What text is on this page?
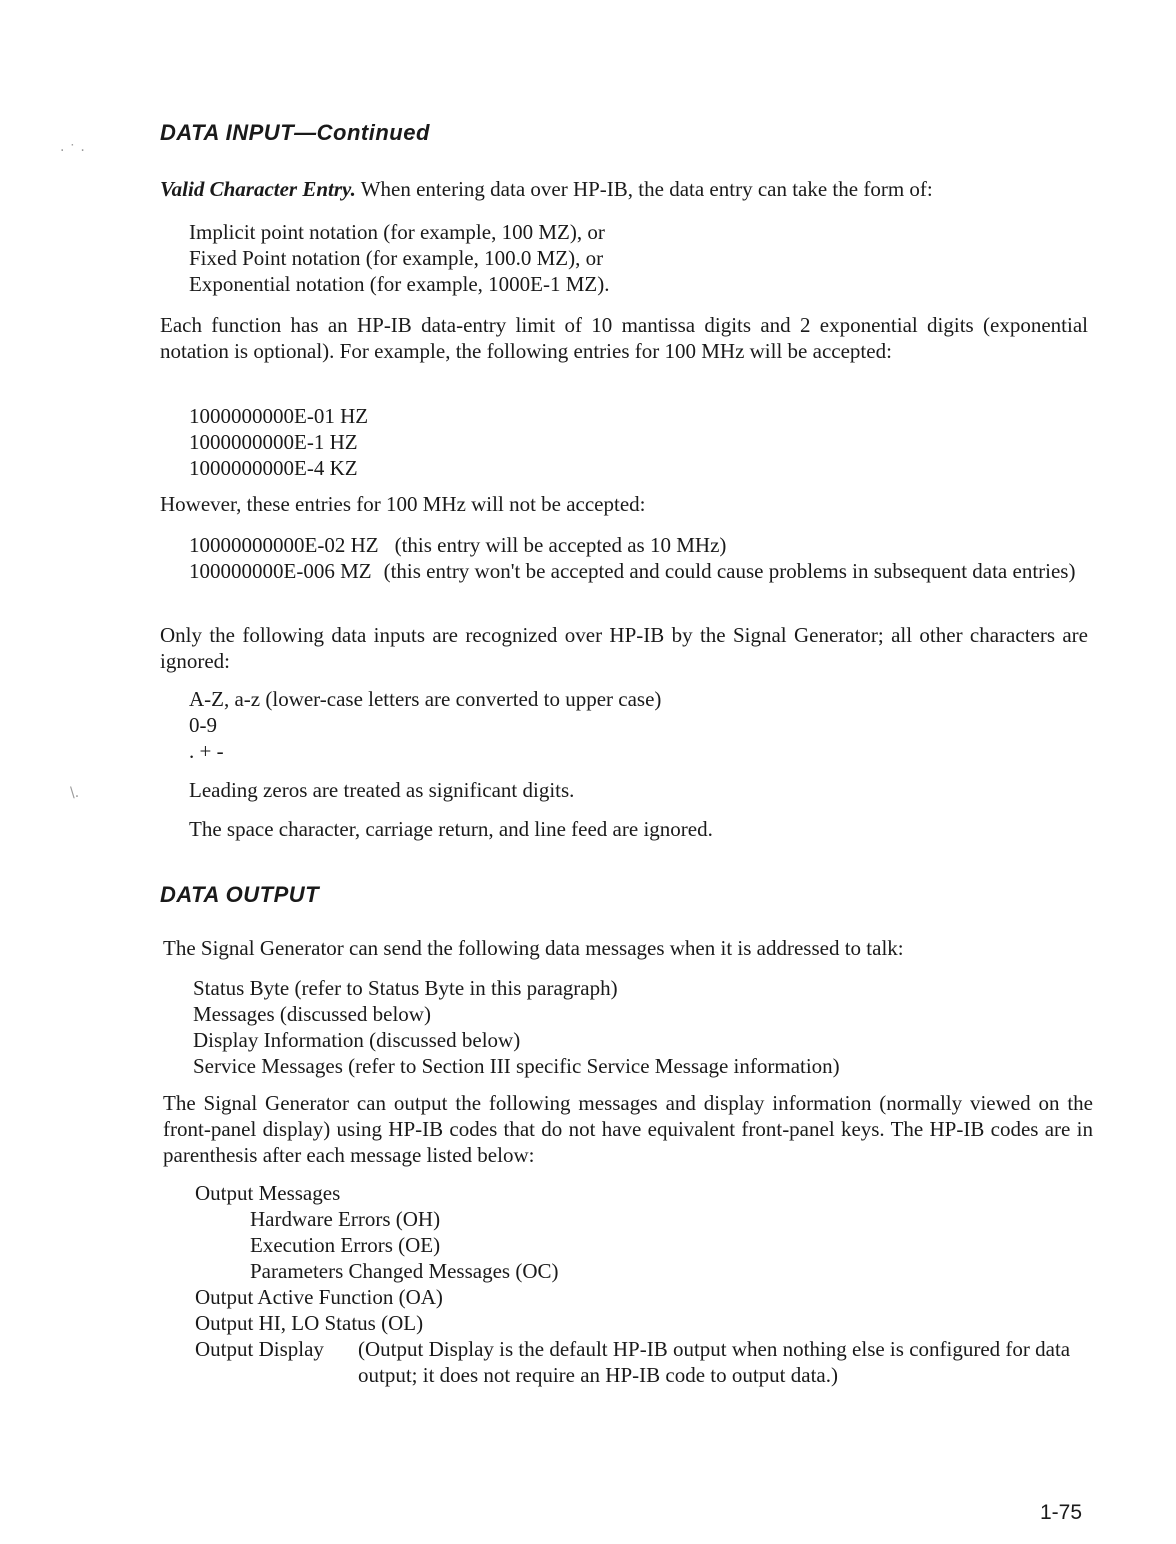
· ˙ ·
\.
DATA INPUT—Continued

Valid Character Entry. When entering data over HP-IB, the data entry can take the form of:

Implicit point notation (for example, 100 MZ), or
Fixed Point notation (for example, 100.0 MZ), or
Exponential notation (for example, 1000E-1 MZ).

Each function has an HP-IB data-entry limit of 10 mantissa digits and 2 exponential digits (exponential notation is optional). For example, the following entries for 100 MHz will be accepted:

1000000000E-01 HZ
1000000000E-1 HZ
1000000000E-4 KZ

However, these entries for 100 MHz will not be accepted:

10000000000E-02 HZ (this entry will be accepted as 10 MHz)
100000000E-006 MZ (this entry won't be accepted and could cause problems in subsequent data entries)

Only the following data inputs are recognized over HP-IB by the Signal Generator; all other characters are ignored:

A-Z, a-z (lower-case letters are converted to upper case)
0-9
. + -

Leading zeros are treated as significant digits.

The space character, carriage return, and line feed are ignored.

DATA OUTPUT

The Signal Generator can send the following data messages when it is addressed to talk:

Status Byte (refer to Status Byte in this paragraph)
Messages (discussed below)
Display Information (discussed below)
Service Messages (refer to Section III specific Service Message information)

The Signal Generator can output the following messages and display information (normally viewed on the front-panel display) using HP-IB codes that do not have equivalent front-panel keys. The HP-IB codes are in parenthesis after each message listed below:

Output Messages
Hardware Errors (OH)
Execution Errors (OE)
Parameters Changed Messages (OC)
Output Active Function (OA)
Output HI, LO Status (OL)
Output Display	(Output Display is the default HP-IB output when nothing else is configured for data output; it does not require an HP-IB code to output data.)
1-75
